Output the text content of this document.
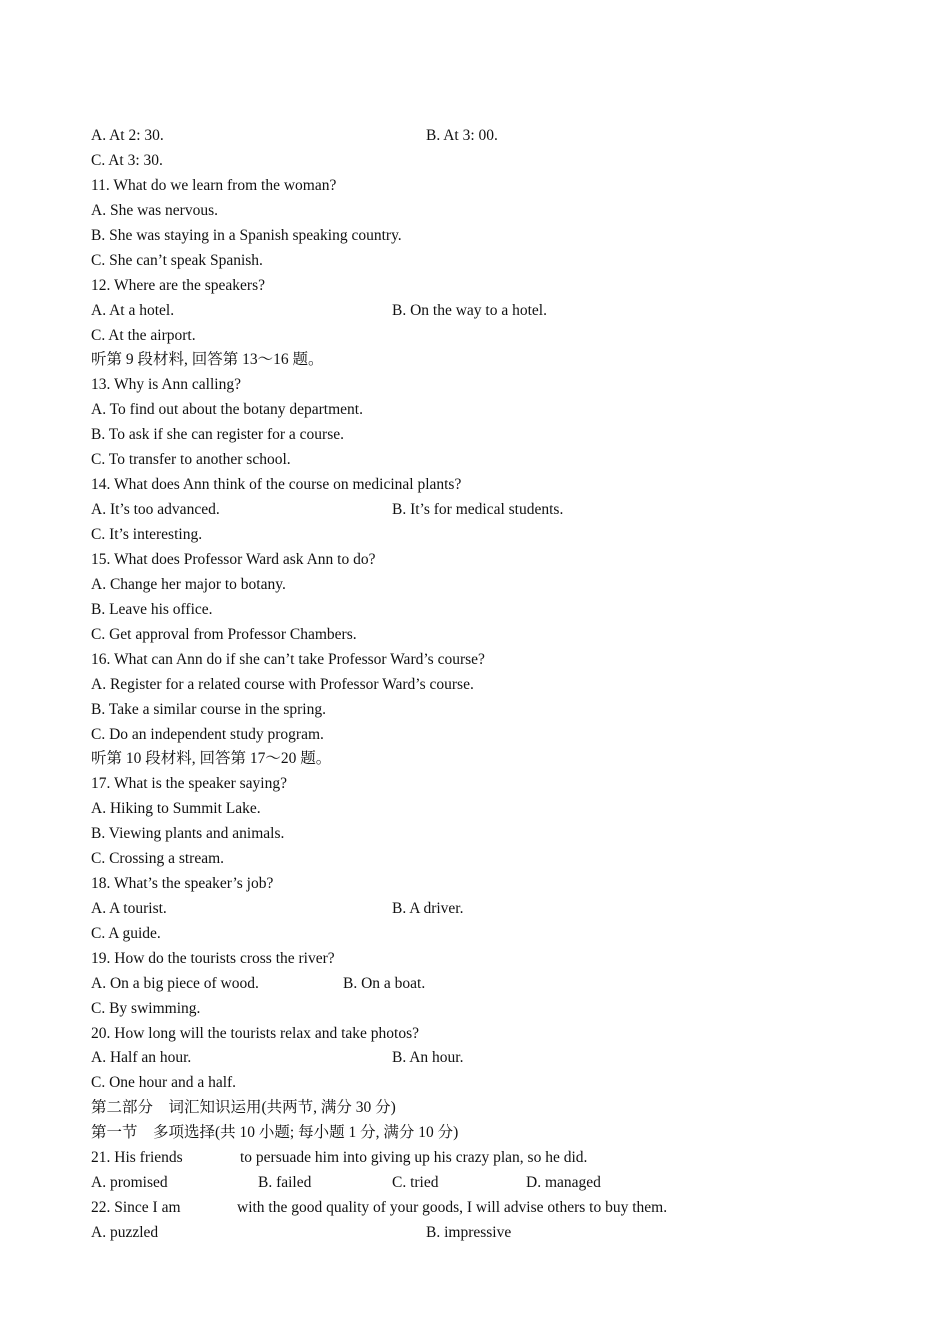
A. At 2: 30.	B. At 3: 00.
C. At 3: 30.
11. What do we learn from the woman?
A. She was nervous.
B. She was staying in a Spanish speaking country.
C. She can’t speak Spanish.
12. Where are the speakers?
A. At a hotel.	B. On the way to a hotel.
C. At the airport.
听第 9 段材料, 回答第 13～16 题。
13. Why is Ann calling?
A. To find out about the botany department.
B. To ask if she can register for a course.
C. To transfer to another school.
14. What does Ann think of the course on medicinal plants?
A. It’s too advanced.	B. It’s for medical students.
C. It’s interesting.
15. What does Professor Ward ask Ann to do?
A. Change her major to botany.
B. Leave his office.
C. Get approval from Professor Chambers.
16. What can Ann do if she can’t take Professor Ward’s course?
A. Register for a related course with Professor Ward’s course.
B. Take a similar course in the spring.
C. Do an independent study program.
听第 10 段材料, 回答第 17～20 题。
17. What is the speaker saying?
A. Hiking to Summit Lake.
B. Viewing plants and animals.
C. Crossing a stream.
18. What’s the speaker’s job?
A. A tourist.	B. A driver.
C. A guide.
19. How do the tourists cross the river?
A. On a big piece of wood.	B. On a boat.
C. By swimming.
20. How long will the tourists relax and take photos?
A. Half an hour.	B. An hour.
C. One hour and a half.
第二部分　词汇知识运用(共两节, 满分 30 分)
第一节　多项选择(共 10 小题; 每小题 1 分, 满分 10 分)
21. His friends	to persuade him into giving up his crazy plan, so he did.
A. promised	B. failed	C. tried	D. managed
22. Since I am	with the good quality of your goods, I will advise others to buy them.
A. puzzled	B. impressive
